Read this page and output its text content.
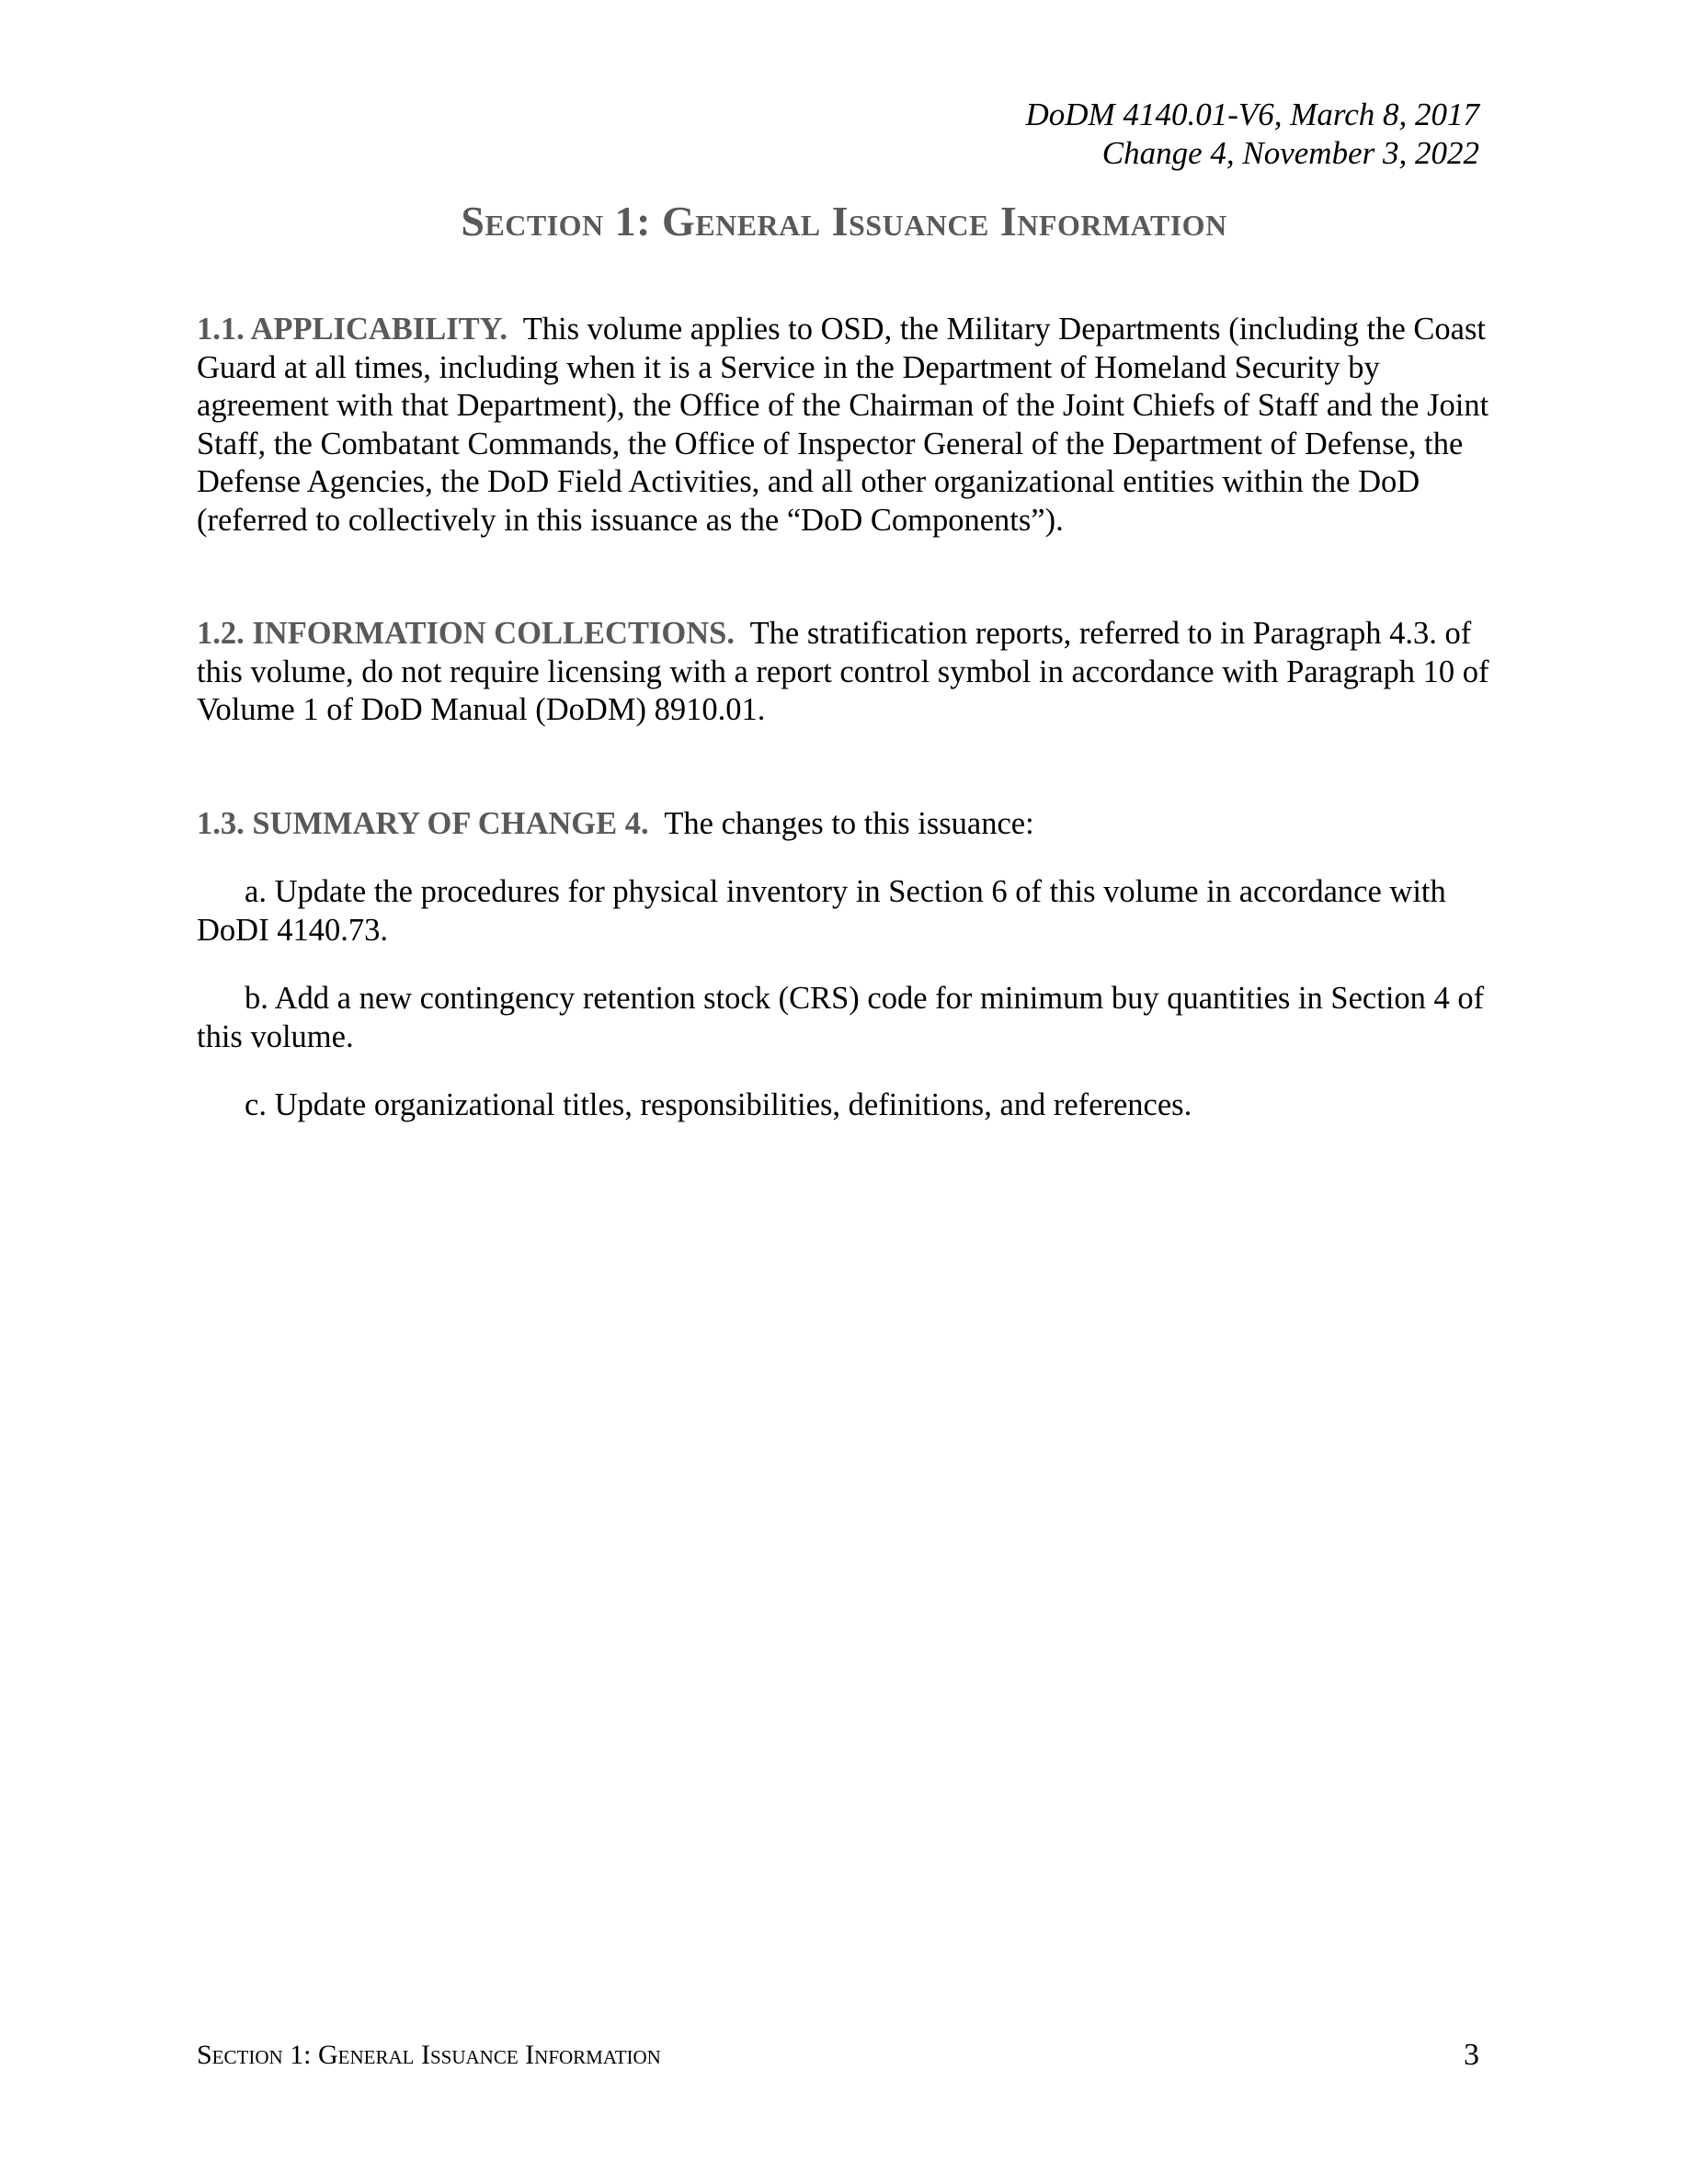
DoDM 4140.01-V6, March 8, 2017
Change 4, November 3, 2022
Section 1: General Issuance Information

1.1. APPLICABILITY. This volume applies to OSD, the Military Departments (including the Coast Guard at all times, including when it is a Service in the Department of Homeland Security by agreement with that Department), the Office of the Chairman of the Joint Chiefs of Staff and the Joint Staff, the Combatant Commands, the Office of Inspector General of the Department of Defense, the Defense Agencies, the DoD Field Activities, and all other organizational entities within the DoD (referred to collectively in this issuance as the “DoD Components”).

1.2. INFORMATION COLLECTIONS. The stratification reports, referred to in Paragraph 4.3. of this volume, do not require licensing with a report control symbol in accordance with Paragraph 10 of Volume 1 of DoD Manual (DoDM) 8910.01.

1.3. SUMMARY OF CHANGE 4. The changes to this issuance:

a. Update the procedures for physical inventory in Section 6 of this volume in accordance with DoDI 4140.73.

b. Add a new contingency retention stock (CRS) code for minimum buy quantities in Section 4 of this volume.

c. Update organizational titles, responsibilities, definitions, and references.

Section 1: General Issuance Information	3
